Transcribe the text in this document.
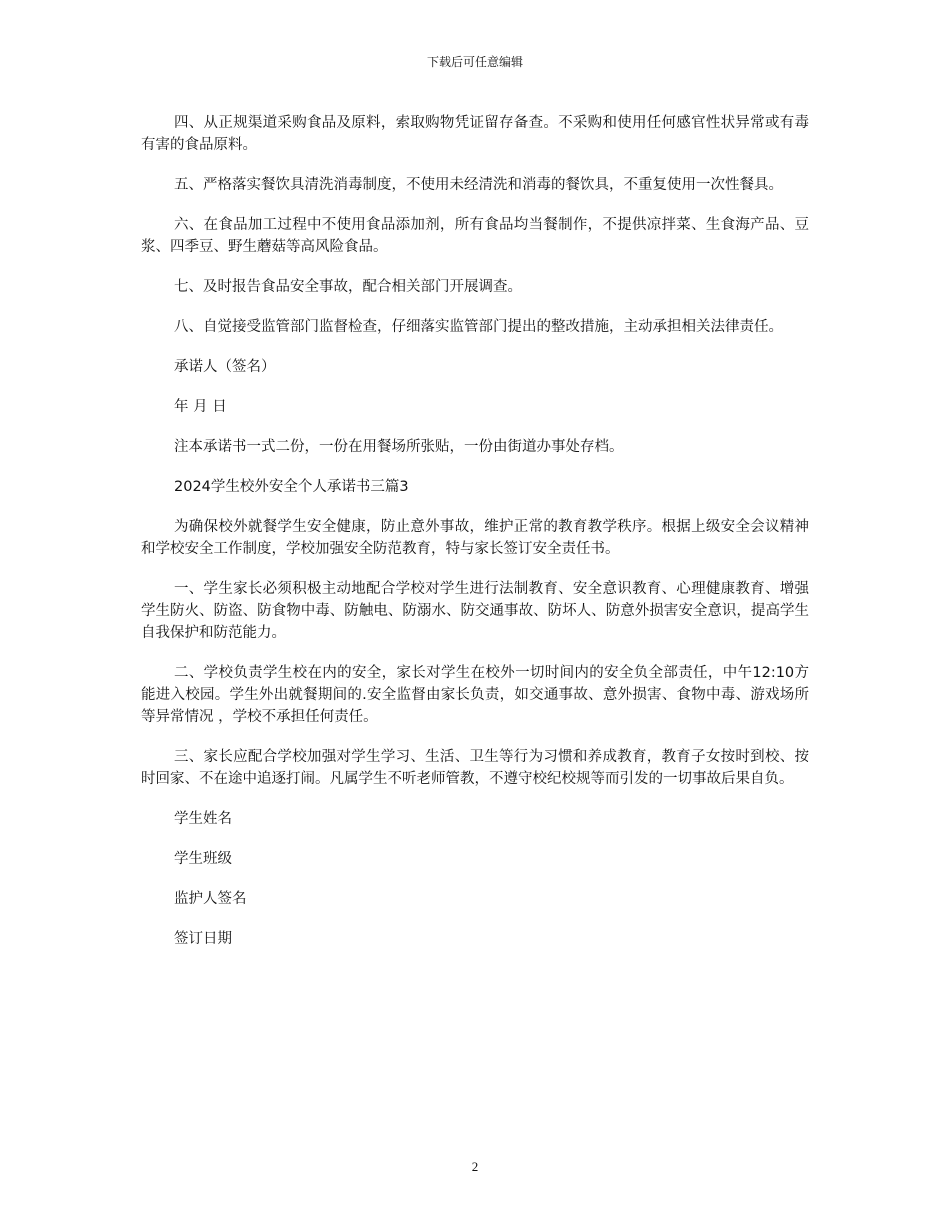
下载后可任意编辑

四、从正规渠道采购食品及原料，索取购物凭证留存备查。不采购和使用任何感官性状异常或有毒有害的食品原料。

五、严格落实餐饮具清洗消毒制度，不使用未经清洗和消毒的餐饮具，不重复使用一次性餐具。

六、在食品加工过程中不使用食品添加剂，所有食品均当餐制作，不提供凉拌菜、生食海产品、豆浆、四季豆、野生蘑菇等高风险食品。

七、及时报告食品安全事故，配合相关部门开展调查。

八、自觉接受监管部门监督检查，仔细落实监管部门提出的整改措施，主动承担相关法律责任。

承诺人（签名）

年 月 日

注本承诺书一式二份，一份在用餐场所张贴，一份由街道办事处存档。

2024学生校外安全个人承诺书三篇3

为确保校外就餐学生安全健康，防止意外事故，维护正常的教育教学秩序。根据上级安全会议精神和学校安全工作制度，学校加强安全防范教育，特与家长签订安全责任书。

一、学生家长必须积极主动地配合学校对学生进行法制教育、安全意识教育、心理健康教育、增强学生防火、防盗、防食物中毒、防触电、防溺水、防交通事故、防坏人、防意外损害安全意识，提高学生自我保护和防范能力。

二、学校负责学生校在内的安全，家长对学生在校外一切时间内的安全负全部责任，中午12:10方能进入校园。学生外出就餐期间的.安全监督由家长负责，如交通事故、意外损害、食物中毒、游戏场所等异常情况 ，学校不承担任何责任。

三、家长应配合学校加强对学生学习、生活、卫生等行为习惯和养成教育，教育子女按时到校、按时回家、不在途中追逐打闹。凡属学生不听老师管教，不遵守校纪校规等而引发的一切事故后果自负。

学生姓名

学生班级

监护人签名

签订日期

2
